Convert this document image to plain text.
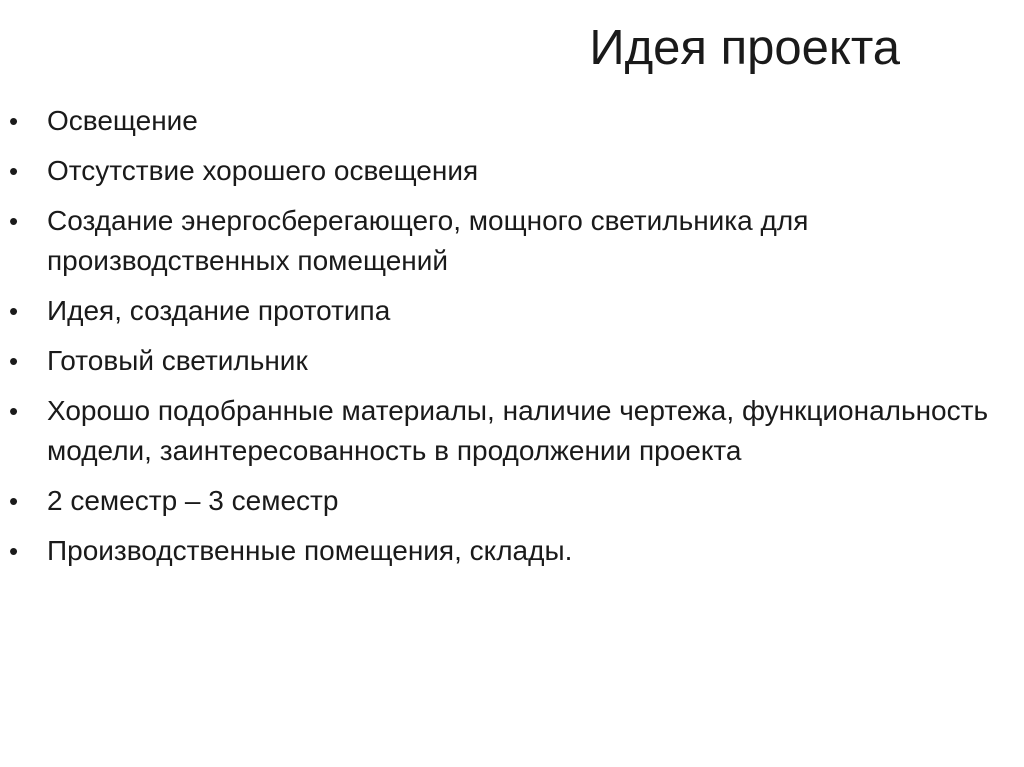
Идея проекта
•	Освещение
•	Отсутствие хорошего освещения
•	Создание энергосберегающего, мощного светильника для производственных помещений
•	Идея, создание прототипа
•	Готовый светильник
•	Хорошо подобранные материалы, наличие чертежа, функциональность модели, заинтересованность в продолжении проекта
•	2 семестр – 3 семестр
•	Производственные помещения, склады.
